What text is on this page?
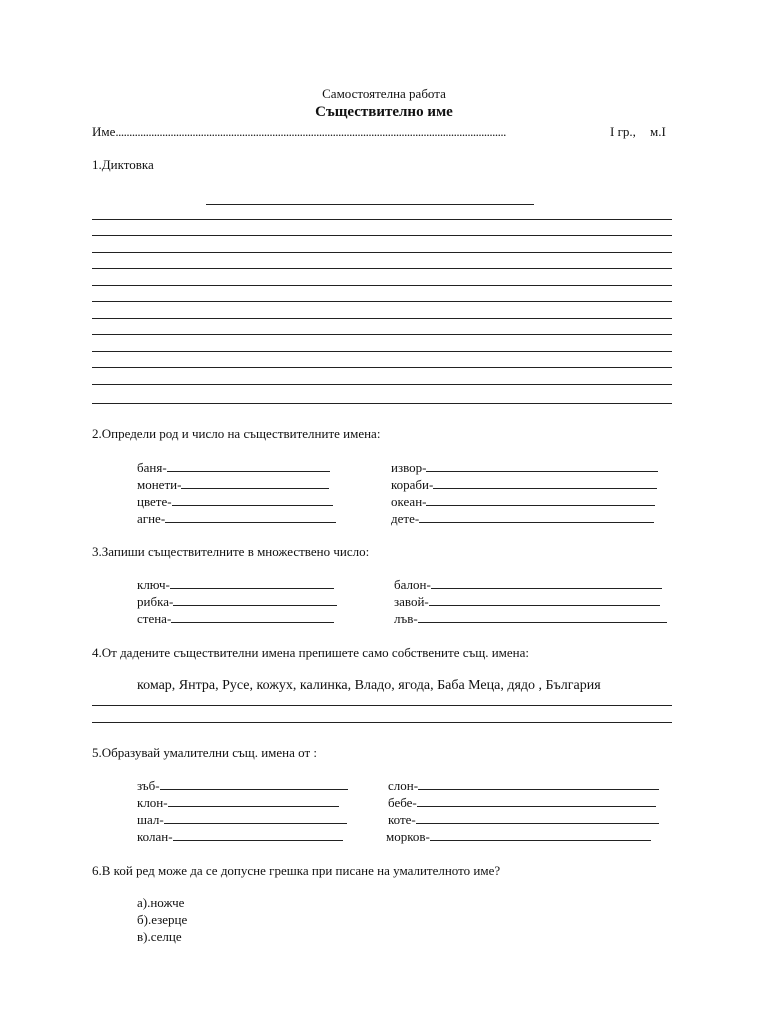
Самостоятелна работа
Съществително име
Име..............................................................................................................................................	I гр., м.I
1.Диктовка
2.Определи род и число на съществителните имена:
баня-
монети-
цвете-
агне-
извор-
кораби-
океан-
дете-
3.Запиши съществителните в множествено число:
ключ-
рибка-
стена-
балон-
завой-
лъв-
4.От дадените съществителни имена препишете само собствените същ. имена:
комар, Янтра, Русе, кожух, калинка, Владо, ягода, Баба Меца, дядо , България
5.Образувай умалителни същ. имена от :
зъб-
клон-
шал-
колан-
слон-
бебе-
коте-
морков-
6.В кой ред може да се допусне грешка при писане на умалителното име?
а).ножче
б).езерце
в).селце
